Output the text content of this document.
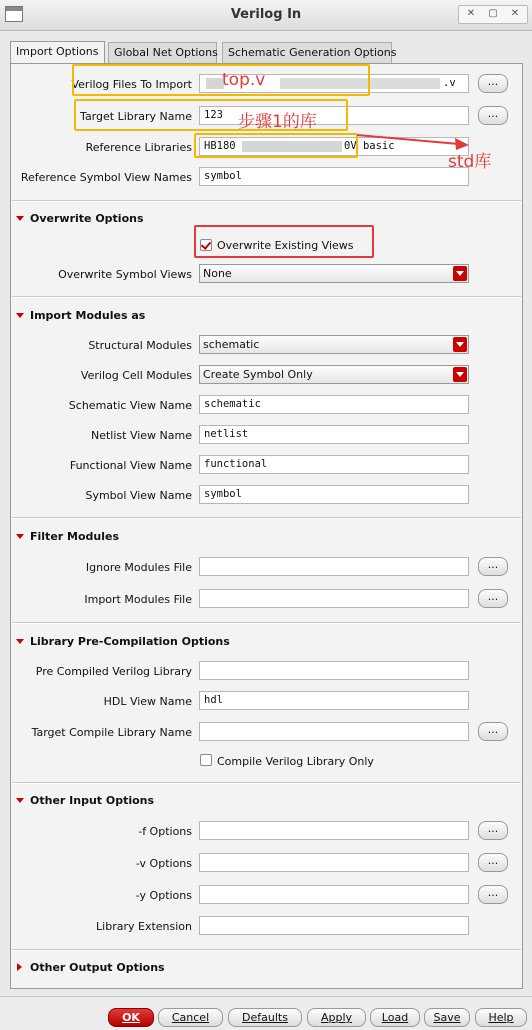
Verilog In	✕	▢	✕
Import Options	Global Net Options Schematic Generation Options
Verilog Files To Import	.v	...
Target Library Name	123	...
Reference Libraries	HB180	0V basic
Reference Symbol View Names	symbol
Overwrite Options
Overwrite Existing Views
Overwrite Symbol Views	None
Import Modules as
Structural Modules	schematic
Verilog Cell Modules	Create Symbol Only
Schematic View Name	schematic
Netlist View Name	netlist
Functional View Name	functional
Symbol View Name	symbol
Filter Modules
Ignore Modules File	...
Import Modules File	...
Library Pre-Compilation Options
Pre Compiled Verilog Library
HDL View Name	hdl
Target Compile Library Name	...
Compile Verilog Library Only
Other Input Options
-f Options	...
-v Options	...
-y Options	...
Library Extension
Other Output Options
top.v
步骤1的库
std库
OK	Cancel	Defaults	Apply	Load	Save	Help
